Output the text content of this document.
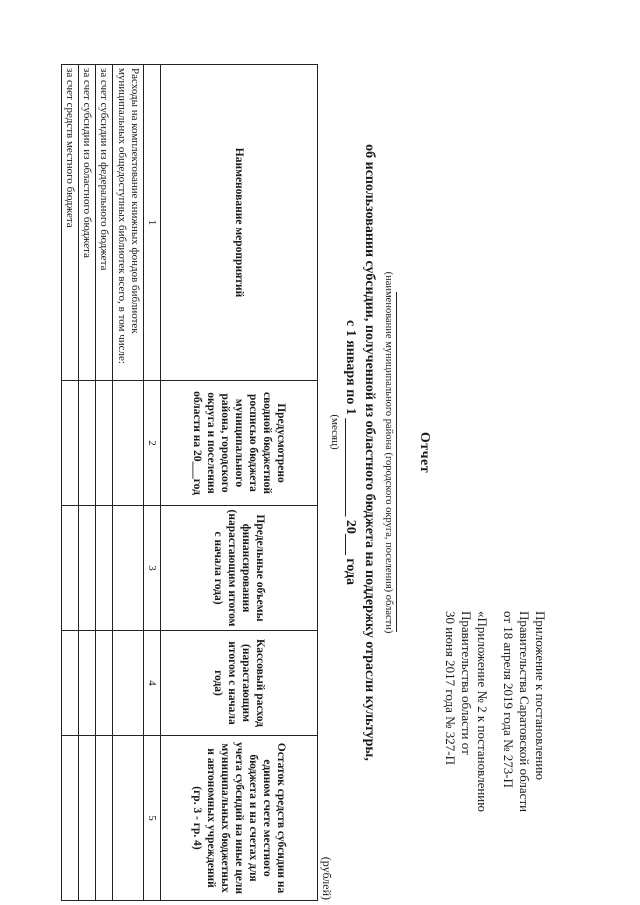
Приложение к постановлению

Правительства Саратовской области

от 18 апреля 2019 года № 273-П

«Приложение № 2 к постановлению

Правительства области от

30 июня 2017 года № 327-П

Отчет
(наименование муниципального района (городского округа, поселения) области)
об использовании субсидии, полученной из областного бюджета на поддержку отрасли культуры,
с 1 января по 1 ______________ 20___ года
(месяц)
(рублей)
Наименование мероприятий	Предусмотрено сводной бюджетной росписью бюджета муниципального района, городского округа и поселения области на 20___год	Предельные объемы финансирования (нарастающим итогом с начала года)	Кассовый расход (нарастающим итогом с начала года)	Остаток средств субсидии на едином счете местного бюджета и на счетах для учета субсидий на иные цели муниципальных бюджетных и автономных учреждений (гр. 3 - гр. 4)
1	2	3	4	5
Расходы на комплектование книжных фондов библиотек муниципальных общедоступных библиотек всего, в том числе:				
за счет субсидии из федерального бюджета				
за счет субсидии из областного бюджета				
за счет средств местного бюджета				
